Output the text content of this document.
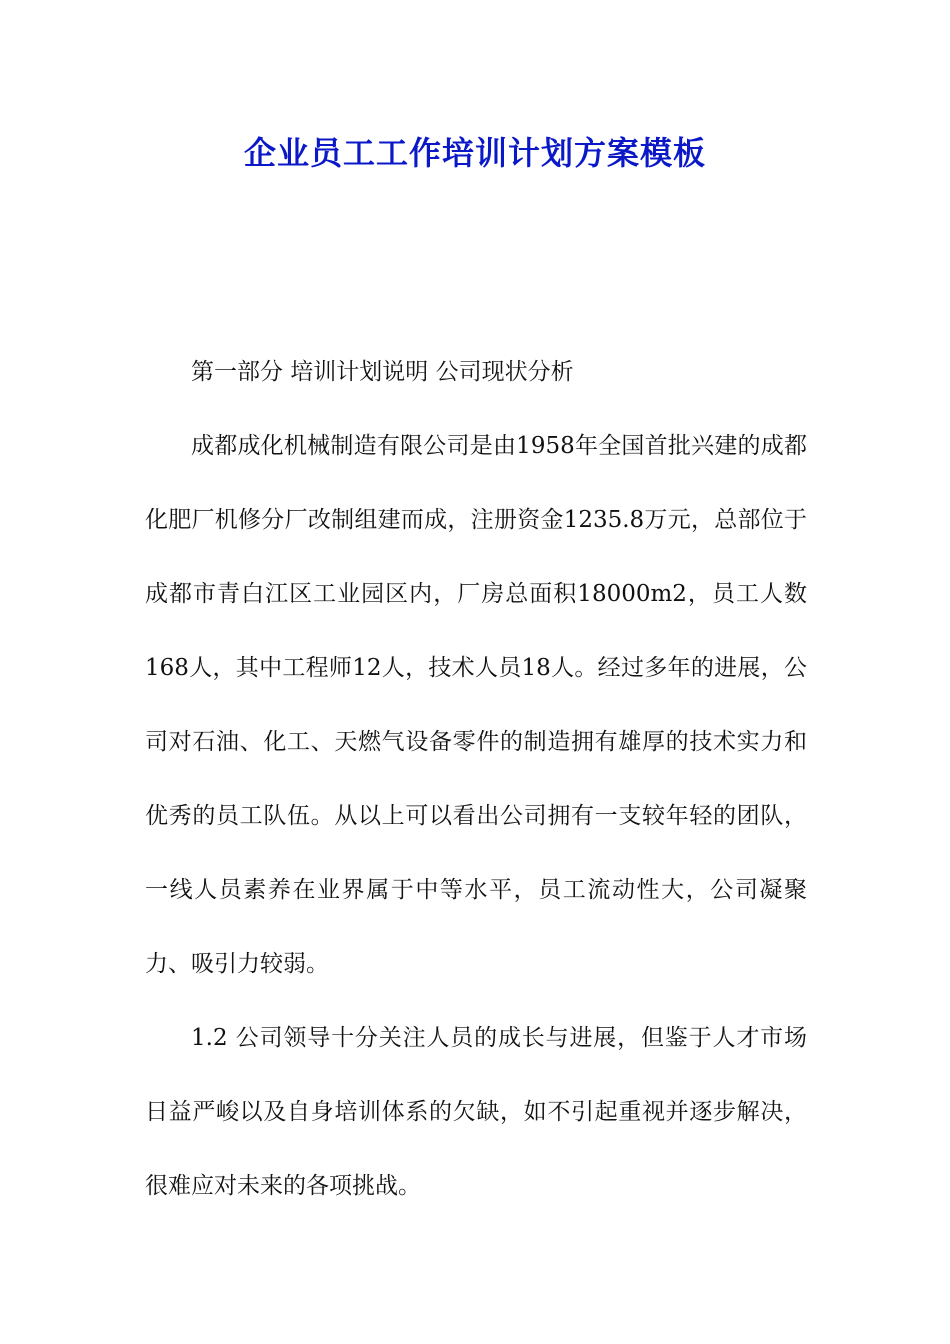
企业员工工作培训计划方案模板

第一部分 培训计划说明 公司现状分析

成都成化机械制造有限公司是由1958年全国首批兴建的成都化肥厂机修分厂改制组建而成，注册资金1235.8万元，总部位于成都市青白江区工业园区内，厂房总面积18000m2，员工人数168人，其中工程师12人，技术人员18人。经过多年的进展，公司对石油、化工、天燃气设备零件的制造拥有雄厚的技术实力和优秀的员工队伍。从以上可以看出公司拥有一支较年轻的团队，一线人员素养在业界属于中等水平，员工流动性大，公司凝聚力、吸引力较弱。

1.2 公司领导十分关注人员的成长与进展，但鉴于人才市场日益严峻以及自身培训体系的欠缺，如不引起重视并逐步解决，很难应对未来的各项挑战。
